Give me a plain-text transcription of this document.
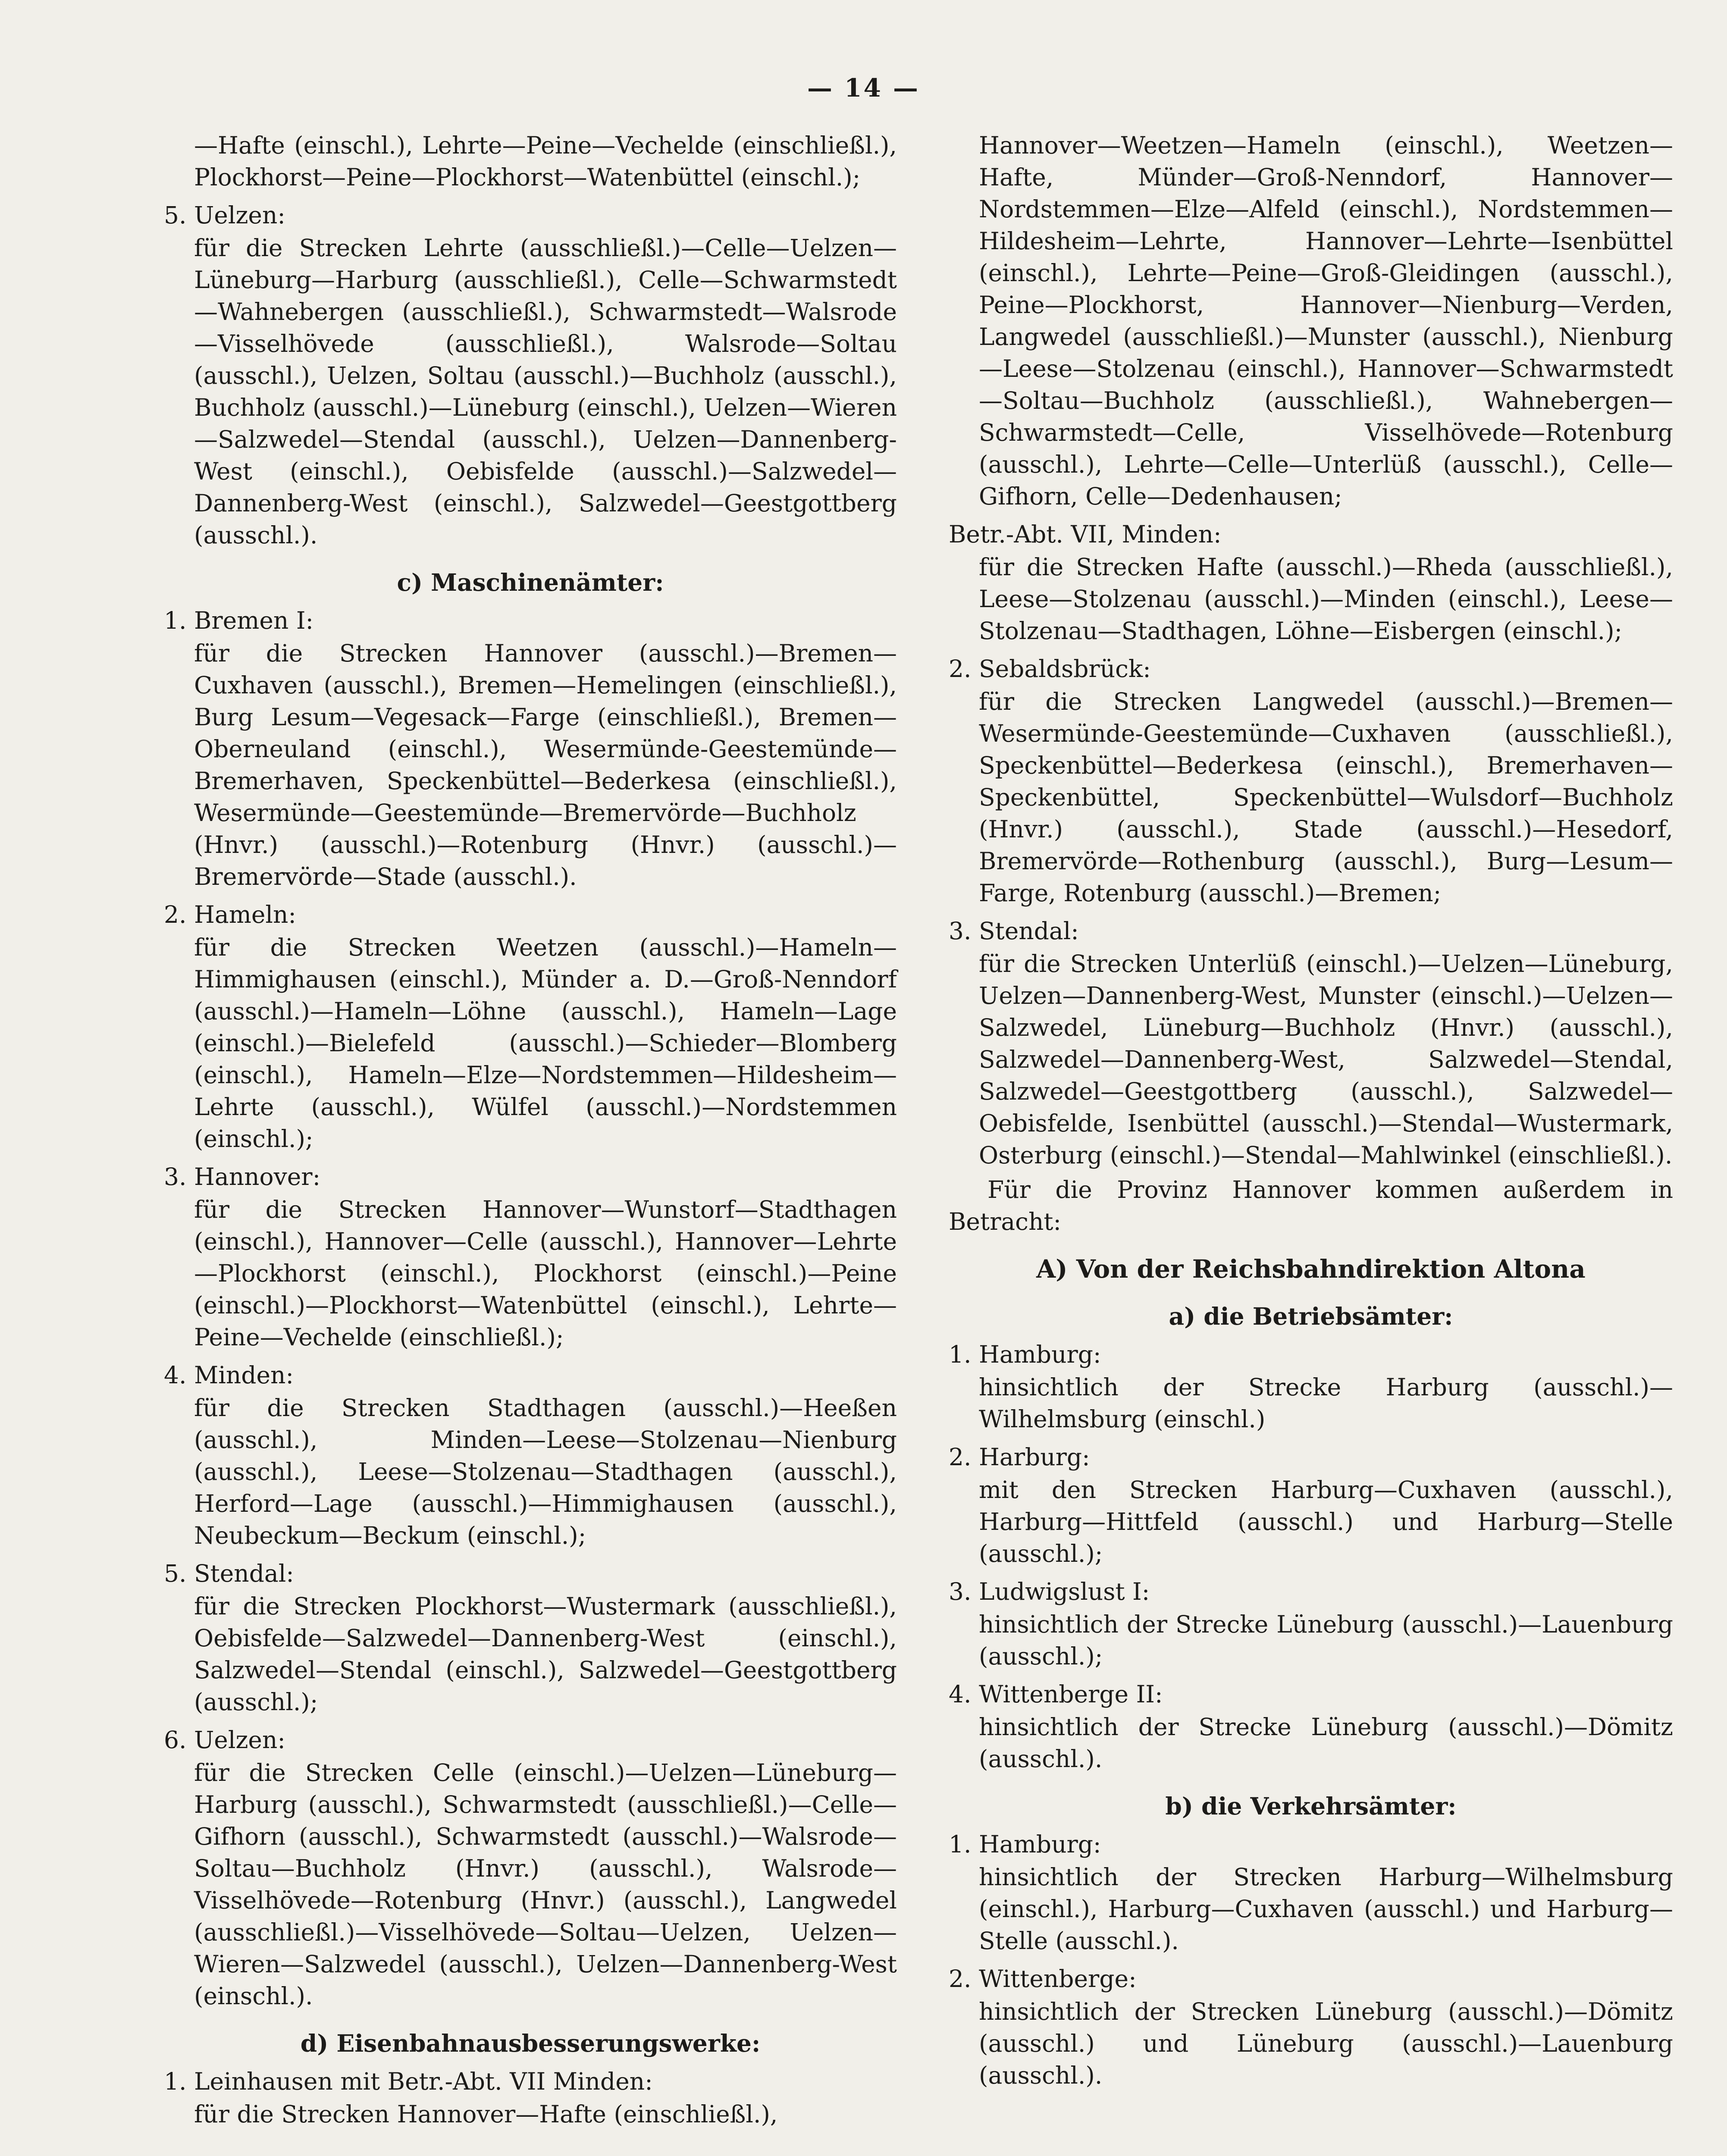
— 14 —

—Hafte (einschl.), Lehrte—Peine—Vechelde (einschließl.), Plockhorst—Peine—Plockhorst—Watenbüttel (einschl.);

5. Uelzen:

für die Strecken Lehrte (ausschließl.)—Celle—Uelzen—Lüneburg—Harburg (ausschließl.), Celle—Schwarmstedt—Wahnebergen (ausschließl.), Schwarmstedt—Walsrode—Visselhövede (ausschließl.), Walsrode—Soltau (ausschl.), Uelzen, Soltau (ausschl.)—Buchholz (ausschl.), Buchholz (ausschl.)—Lüneburg (einschl.), Uelzen—Wieren—Salzwedel—Stendal (ausschl.), Uelzen—Dannenberg-West (einschl.), Oebisfelde (ausschl.)—Salzwedel—Dannenberg-West (einschl.), Salzwedel—Geestgottberg (ausschl.).

c) Maschinenämter:
1. Bremen I:

für die Strecken Hannover (ausschl.)—Bremen—Cuxhaven (ausschl.), Bremen—Hemelingen (einschließl.), Burg Lesum—Vegesack—Farge (einschließl.), Bremen—Oberneuland (einschl.), Wesermünde-Geestemünde—Bremerhaven, Speckenbüttel—Bederkesa (einschließl.), Wesermünde—Geestemünde—Bremervörde—Buchholz (Hnvr.) (ausschl.)—Rotenburg (Hnvr.) (ausschl.)—Bremervörde—Stade (ausschl.).

2. Hameln:

für die Strecken Weetzen (ausschl.)—Hameln—Himmighausen (einschl.), Münder a. D.—Groß-Nenndorf (ausschl.)—Hameln—Löhne (ausschl.), Hameln—Lage (einschl.)—Bielefeld (ausschl.)—Schieder—Blomberg (einschl.), Hameln—Elze—Nordstemmen—Hildesheim—Lehrte (ausschl.), Wülfel (ausschl.)—Nordstemmen (einschl.);

3. Hannover:

für die Strecken Hannover—Wunstorf—Stadthagen (einschl.), Hannover—Celle (ausschl.), Hannover—Lehrte—Plockhorst (einschl.), Plockhorst (einschl.)—Peine (einschl.)—Plockhorst—Watenbüttel (einschl.), Lehrte—Peine—Vechelde (einschließl.);

4. Minden:

für die Strecken Stadthagen (ausschl.)—Heeßen (ausschl.), Minden—Leese—Stolzenau—Nienburg (ausschl.), Leese—Stolzenau—Stadthagen (ausschl.), Herford—Lage (ausschl.)—Himmighausen (ausschl.), Neubeckum—Beckum (einschl.);

5. Stendal:

für die Strecken Plockhorst—Wustermark (ausschließl.), Oebisfelde—Salzwedel—Dannenberg-West (einschl.), Salzwedel—Stendal (einschl.), Salzwedel—Geestgottberg (ausschl.);

6. Uelzen:

für die Strecken Celle (einschl.)—Uelzen—Lüneburg—Harburg (ausschl.), Schwarmstedt (ausschließl.)—Celle—Gifhorn (ausschl.), Schwarmstedt (ausschl.)—Walsrode—Soltau—Buchholz (Hnvr.) (ausschl.), Walsrode—Visselhövede—Rotenburg (Hnvr.) (ausschl.), Langwedel (ausschließl.)—Visselhövede—Soltau—Uelzen, Uelzen—Wieren—Salzwedel (ausschl.), Uelzen—Dannenberg-West (einschl.).

d) Eisenbahnausbesserungswerke:
1. Leinhausen mit Betr.-Abt. VII Minden:

für die Strecken Hannover—Hafte (einschließl.),

Hannover—Weetzen—Hameln (einschl.), Weetzen—Hafte, Münder—Groß-Nenndorf, Hannover—Nordstemmen—Elze—Alfeld (einschl.), Nordstemmen—Hildesheim—Lehrte, Hannover—Lehrte—Isenbüttel (einschl.), Lehrte—Peine—Groß-Gleidingen (ausschl.), Peine—Plockhorst, Hannover—Nienburg—Verden, Langwedel (ausschließl.)—Munster (ausschl.), Nienburg—Leese—Stolzenau (einschl.), Hannover—Schwarmstedt—Soltau—Buchholz (ausschließl.), Wahnebergen—Schwarmstedt—Celle, Visselhövede—Rotenburg (ausschl.), Lehrte—Celle—Unterlüß (ausschl.), Celle—Gifhorn, Celle—Dedenhausen;

Betr.-Abt. VII, Minden:

für die Strecken Hafte (ausschl.)—Rheda (ausschließl.), Leese—Stolzenau (ausschl.)—Minden (einschl.), Leese—Stolzenau—Stadthagen, Löhne—Eisbergen (einschl.);

2. Sebaldsbrück:

für die Strecken Langwedel (ausschl.)—Bremen—Wesermünde-Geestemünde—Cuxhaven (ausschließl.), Speckenbüttel—Bederkesa (einschl.), Bremerhaven—Speckenbüttel, Speckenbüttel—Wulsdorf—Buchholz (Hnvr.) (ausschl.), Stade (ausschl.)—Hesedorf, Bremervörde—Rothenburg (ausschl.), Burg—Lesum—Farge, Rotenburg (ausschl.)—Bremen;

3. Stendal:

für die Strecken Unterlüß (einschl.)—Uelzen—Lüneburg, Uelzen—Dannenberg-West, Munster (einschl.)—Uelzen—Salzwedel, Lüneburg—Buchholz (Hnvr.) (ausschl.), Salzwedel—Dannenberg-West, Salzwedel—Stendal, Salzwedel—Geestgottberg (ausschl.), Salzwedel—Oebisfelde, Isenbüttel (ausschl.)—Stendal—Wustermark, Osterburg (einschl.)—Stendal—Mahlwinkel (einschließl.).

Für die Provinz Hannover kommen außerdem in Betracht:

A) Von der Reichsbahndirektion Altona
a) die Betriebsämter:
1. Hamburg:

hinsichtlich der Strecke Harburg (ausschl.)—Wilhelmsburg (einschl.)

2. Harburg:

mit den Strecken Harburg—Cuxhaven (ausschl.), Harburg—Hittfeld (ausschl.) und Harburg—Stelle (ausschl.);

3. Ludwigslust I:

hinsichtlich der Strecke Lüneburg (ausschl.)—Lauenburg (ausschl.);

4. Wittenberge II:

hinsichtlich der Strecke Lüneburg (ausschl.)—Dömitz (ausschl.).

b) die Verkehrsämter:
1. Hamburg:

hinsichtlich der Strecken Harburg—Wilhelmsburg (einschl.), Harburg—Cuxhaven (ausschl.) und Harburg—Stelle (ausschl.).

2. Wittenberge:

hinsichtlich der Strecken Lüneburg (ausschl.)—Dömitz (ausschl.) und Lüneburg (ausschl.)—Lauenburg (ausschl.).
